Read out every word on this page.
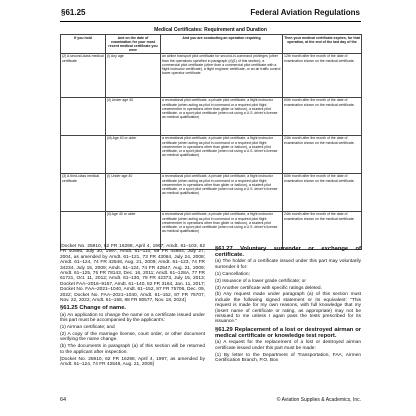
§61.25	Federal Aviation Regulations
Medical Certificates: Requirement and Duration
If you hold	And on the date of examination for your most recent medical certificate you were	And you are conducting an operation requiring	Then your medical certificate expires, for that operation, at the end of the last day of the
(2) A second-class medical certificate	(i) Any age	an airline transport pilot certificate for second-in-command privileges (other than the operations specified in paragraph (d)(1) of this section), a commercial pilot certificate (other than a commercial pilot certificate with a flight instructor certificate), a flight engineer certificate, or an air traffic control tower operator certificate	12th month after the month of the date of examination shown on the medical certificate.
	(ii) Under age 40	a recreational pilot certificate, a private pilot certificate, a flight instructor certificate (when acting as pilot in command or a required pilot flight crewmember in operations other than glider or balloon), a student pilot certificate, or a sport pilot certificate (when not using a U.S. driver's license as medical qualification)	60th month after the month of the date of examination shown on the medical certificate.
	(iii) Age 40 or older	a recreational pilot certificate, a private pilot certificate, a flight instructor certificate (when acting as pilot in command or a required pilot flight crewmember in operations other than glider or balloon), a student pilot certificate, or a sport pilot certificate (when not using a U.S. driver's license as medical qualification)	24th month after the month of the date of examination shown on the medical certificate.
(3) A third-class medical certificate	(i) Under age 40	a recreational pilot certificate, a private pilot certificate, a flight instructor certificate (when acting as pilot in command or a required pilot flight crewmember in operations other than glider or balloon), a student pilot certificate, or a sport pilot certificate (when not using a U.S. driver's license as medical qualification)	60th month after the month of the date of examination shown on the medical certificate.
	(ii) Age 40 or older	a recreational pilot certificate, a private pilot certificate, a flight instructor certificate (when acting as pilot in command or a required pilot flight crewmember in operations other than glider or balloon), a student pilot certificate, or a sport pilot certificate (when not using a U.S. driver's license as medical qualification)	24th month after the month of the date of examination shown on the medical certificate.

[Docket No. 25910, 62 FR 16298, April 4, 1997; Amdt. 61–103, 62 FR 40895, July 30, 1997; Amdt. 61–110, 69 FR 44864, July 27, 2004, as amended by Amdt. 61–121, 73 FR 43064, July 24, 2008; Amdt. 61–124, 74 FR 42548, Aug. 21, 2009; Amdt. 61–123, 74 FR 34234, July 15, 2009; Amdt. 61–124, 74 FR 42547, Aug. 21, 2009; Amdt. 61–125, 75 FR 78143, Dec. 16, 2011; Amdt. 61–128A, 77 FR 61721, Oct. 11, 2012; Amdt. 61–130, 78 FR 42373, July 15, 2013; Docket FAA–2016–9157, Amdt. 61–140, 82 FR 3164, Jan. 11, 2017; Docket No. FAA–2021–1040, Amdt. 61–152, 87 FR 75706, Dec. 09, 2022; Docket No. FAA–2021–1040, Amdt. 61–152, 87 FR 75707, Nov. 22, 2022; Amdt. 61–158, 88 FR 80577, Nov. 18, 2024]

§61.25 Change of name.

(a) An application to change the name on a certificate issued under this part must be accompanied by the applicant's:

(1) Airman certificate; and

(2) A copy of the marriage license, court order, or other document verifying the name change.

(b) The documents in paragraph (a) of this section will be returned to the applicant after inspection.

[Docket No. 25910, 62 FR 16298, April 4, 1997, as amended by Amdt. 61–124, 74 FR 42548, Aug. 21, 2009]

§61.27 Voluntary surrender or exchange of certificate.

(a) The holder of a certificate issued under this part may voluntarily surrender it for:

(1) Cancellation;

(2) Issuance of a lower grade certificate; or

(3) Another certificate with specific ratings deleted.

(b) Any request made under paragraph (a) of this section must include the following signed statement or its equivalent: "This request is made for my own reasons, with full knowledge that my (insert name of certificate or rating, as appropriate) may not be reissued to me unless I again pass the tests prescribed for its issuance."

§61.29 Replacement of a lost or destroyed airman or medical certificate or knowledge test report.

(a) A request for the replacement of a lost or destroyed airman certificate issued under this part must be made:

(1) By letter to the Department of Transportation, FAA, Airmen Certification Branch, P.O. Box

64	© Aviation Supplies & Academics, Inc.
